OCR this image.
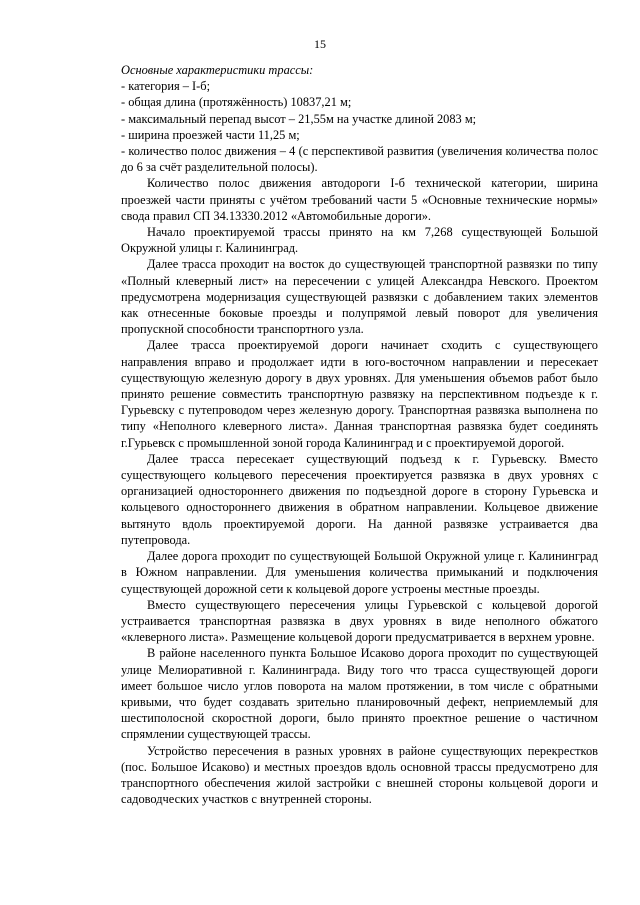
15

Основные характеристики трассы:

- категория – I-б;

- общая длина (протяжённость) 10837,21 м;

- максимальный перепад высот – 21,55м на участке длиной 2083 м;

- ширина проезжей части 11,25 м;

- количество полос движения – 4 (с перспективой развития (увеличения количества полос до 6 за счёт разделительной полосы).

Количество полос движения автодороги I-б технической категории, ширина проезжей части приняты с учётом требований части 5 «Основные технические нормы» свода правил СП 34.13330.2012 «Автомобильные дороги».

Начало проектируемой трассы принято на км 7,268 существующей Большой Окружной улицы г. Калининград.

Далее трасса проходит на восток до существующей транспортной развязки по типу «Полный клеверный лист» на пересечении с улицей Александра Невского. Проектом предусмотрена модернизация существующей развязки с добавлением таких элементов как отнесенные боковые проезды и полупрямой левый поворот для увеличения пропускной способности транспортного узла.

Далее трасса проектируемой дороги начинает сходить с существующего направления вправо и продолжает идти в юго-восточном направлении и пересекает существующую железную дорогу в двух уровнях. Для уменьшения объемов работ было принято решение совместить транспортную развязку на перспективном подъезде к г. Гурьевску с путепроводом через железную дорогу. Транспортная развязка выполнена по типу «Неполного клеверного листа». Данная транспортная развязка будет соединять г.Гурьевск с промышленной зоной города Калининград и с проектируемой дорогой.

Далее трасса пересекает существующий подъезд к г. Гурьевску. Вместо существующего кольцевого пересечения проектируется развязка в двух уровнях с организацией одностороннего движения по подъездной дороге в сторону Гурьевска и кольцевого одностороннего движения в обратном направлении. Кольцевое движение вытянуто вдоль проектируемой дороги. На данной развязке устраивается два путепровода.

Далее дорога проходит по существующей Большой Окружной улице г. Калининград в Южном направлении. Для уменьшения количества примыканий и подключения существующей дорожной сети к кольцевой дороге устроены местные проезды.

Вместо существующего пересечения улицы Гурьевской с кольцевой дорогой устраивается транспортная развязка в двух уровнях в виде неполного обжатого «клеверного листа». Размещение кольцевой дороги предусматривается в верхнем уровне.

В районе населенного пункта Большое Исаково дорога проходит по существующей улице Мелиоративной г. Калининграда. Виду того что трасса существующей дороги имеет большое число углов поворота на малом протяжении, в том числе с обратными кривыми, что будет создавать зрительно планировочный дефект, неприемлемый для шестиполосной скоростной дороги, было принято проектное решение о частичном спрямлении существующей трассы.

Устройство пересечения в разных уровнях в районе существующих перекрестков (пос. Большое Исаково) и местных проездов вдоль основной трассы предусмотрено для транспортного обеспечения жилой застройки с внешней стороны кольцевой дороги и садоводческих участков с внутренней стороны.
